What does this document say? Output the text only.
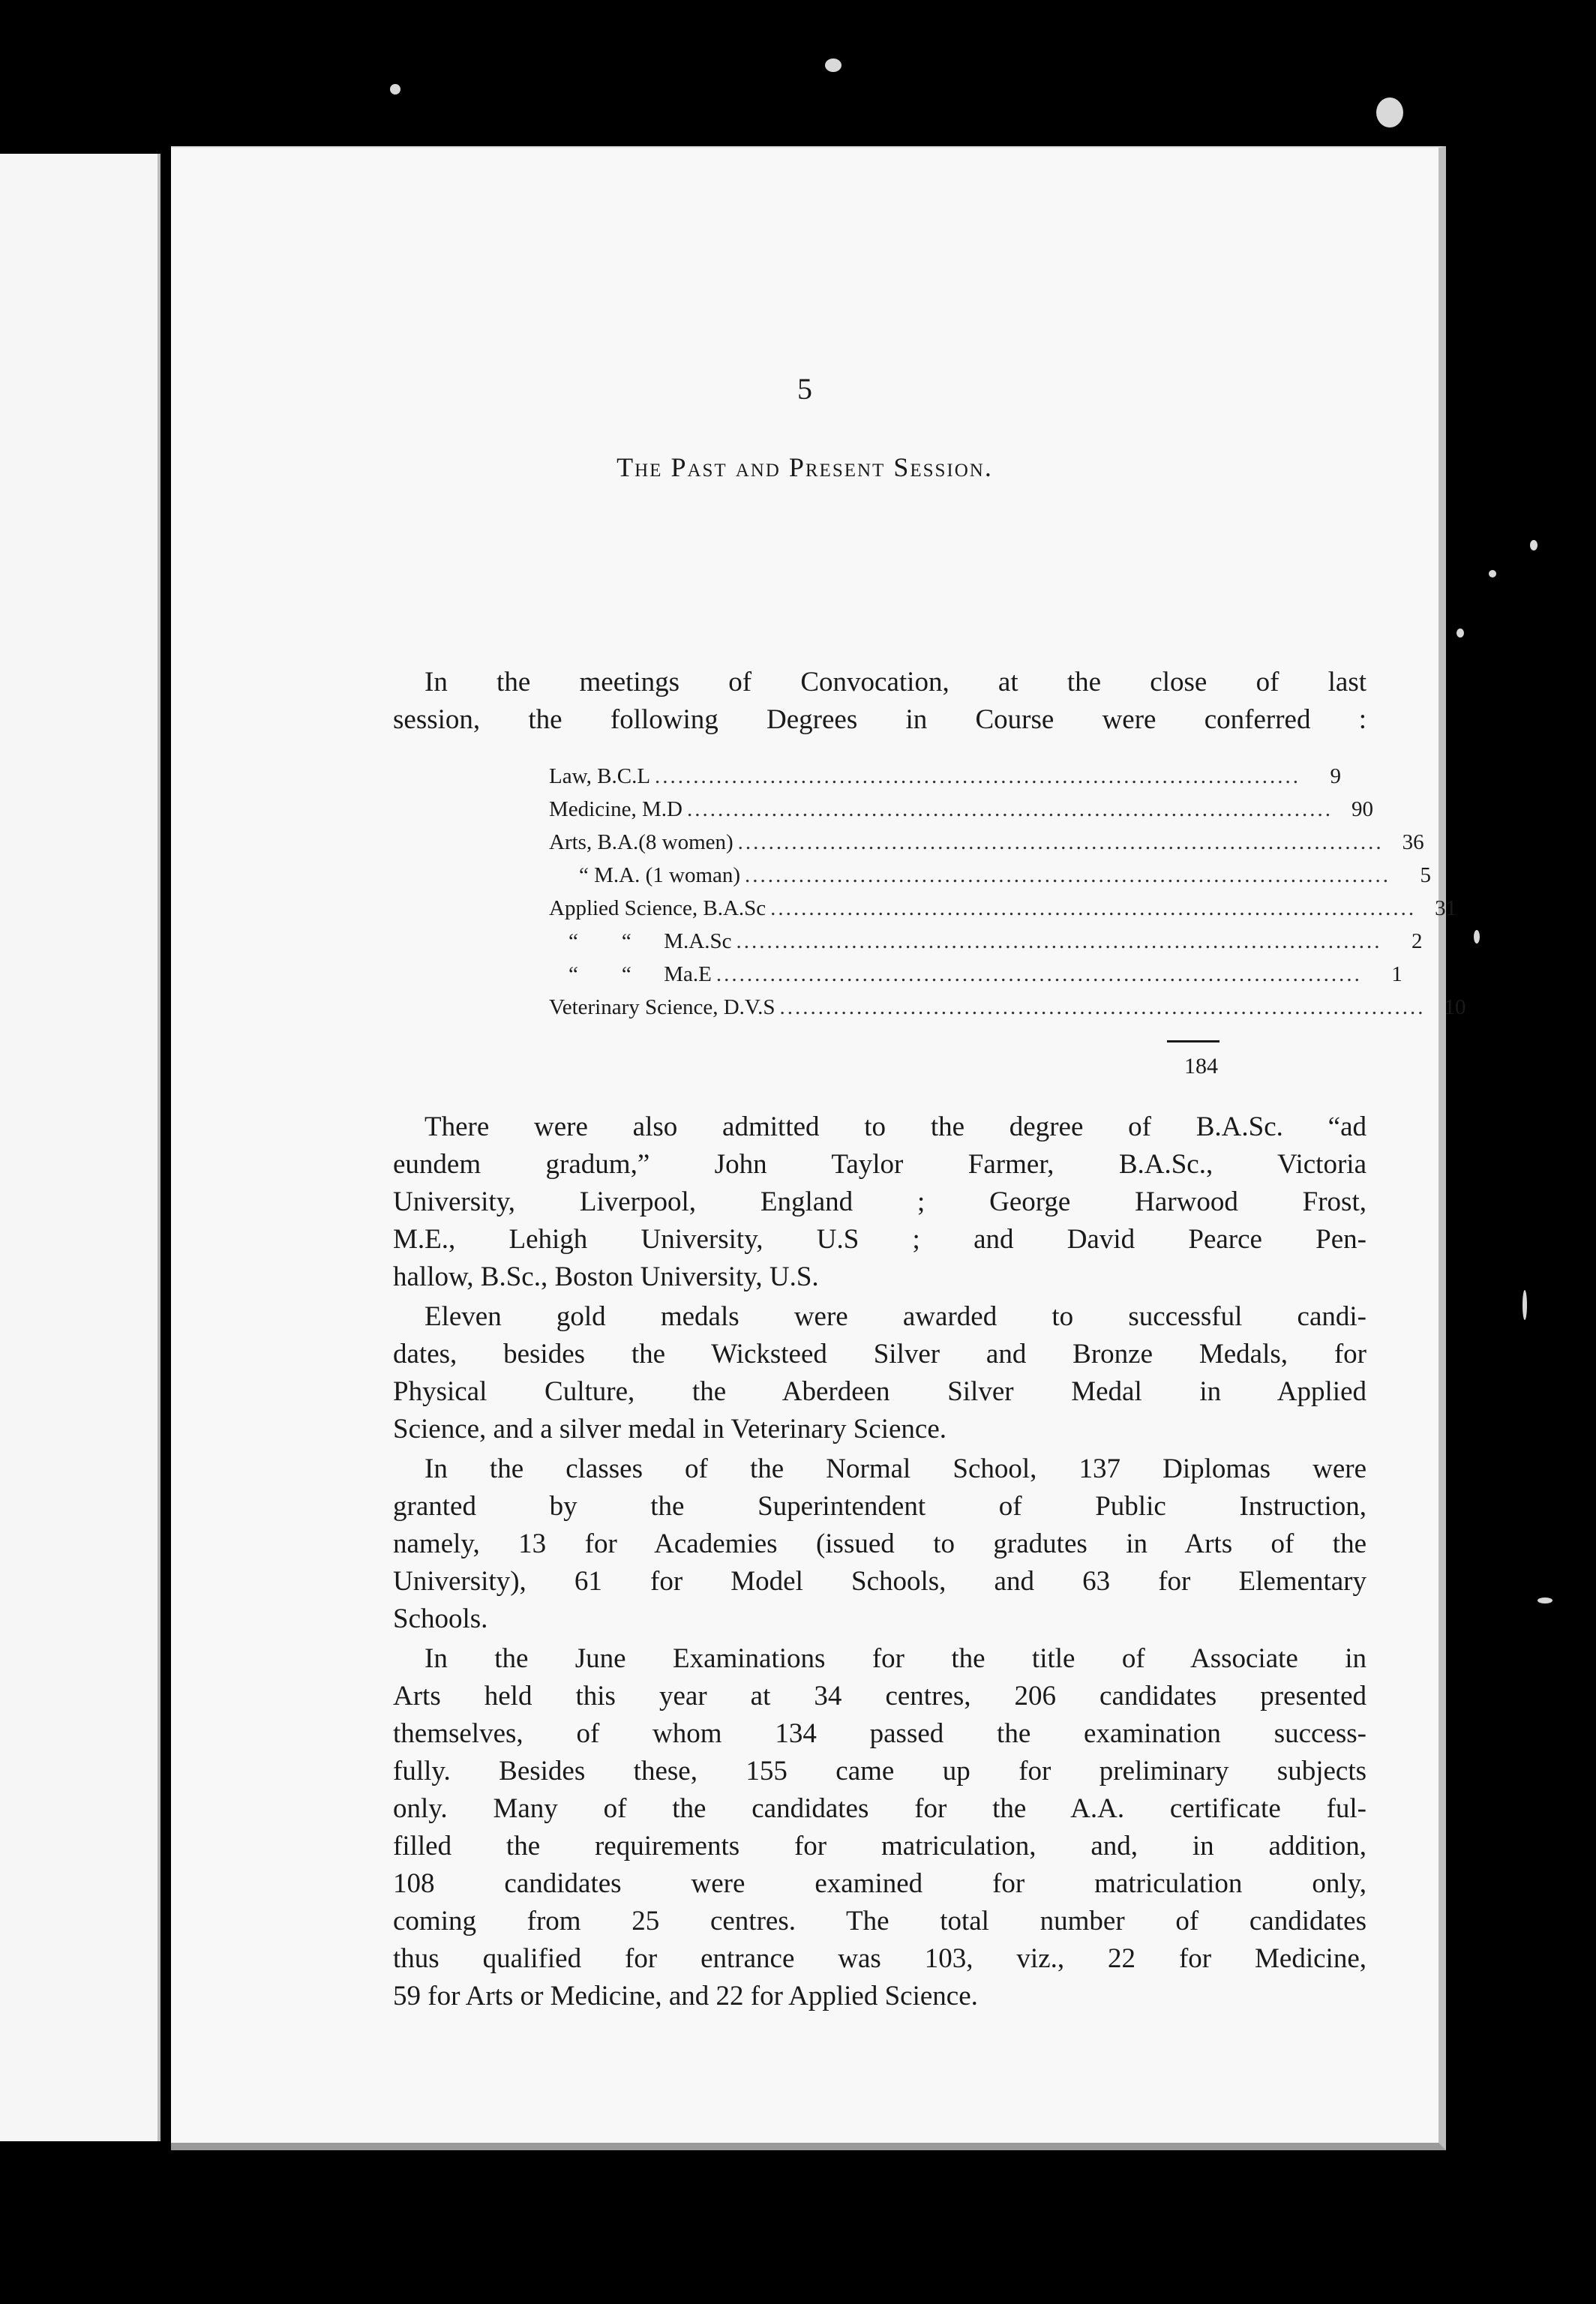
5
The Past and Present Session.
In the meetings of Convocation, at the close of last
session, the following Degrees in Course were conferred :
Law, B.C.L ....................................................................................	9
Medicine, M.D .................................................................................... 90
Arts, B.A.(8 women) .................................................................................... 36
“ M.A. (1 woman) ....................................................................................	5
Applied Science, B.A.Sc .................................................................................... 31
“        “      M.A.Sc ....................................................................................	2
“        “      Ma.E ....................................................................................	1
Veterinary Science, D.V.S .................................................................................... 10
184
There were also admitted to the degree of B.A.Sc. “ad
eundem gradum,” John Taylor Farmer, B.A.Sc., Victoria
University, Liverpool, England ; George Harwood Frost,
M.E., Lehigh University, U.S ; and David Pearce Pen-
hallow, B.Sc., Boston University, U.S.
Eleven gold medals were awarded to successful candi-
dates, besides the Wicksteed Silver and Bronze Medals, for
Physical Culture, the Aberdeen Silver Medal in Applied
Science, and a silver medal in Veterinary Science.
In the classes of the Normal School, 137 Diplomas were
granted by the Superintendent of Public Instruction,
namely, 13 for Academies (issued to gradutes in Arts of the
University), 61 for Model Schools, and 63 for Elementary
Schools.
In the June Examinations for the title of Associate in
Arts held this year at 34 centres, 206 candidates presented
themselves, of whom 134 passed the examination success-
fully. Besides these, 155 came up for preliminary subjects
only. Many of the candidates for the A.A. certificate ful-
filled the requirements for matriculation, and, in addition,
108 candidates were examined for matriculation only,
coming from 25 centres. The total number of candidates
thus qualified for entrance was 103, viz., 22 for Medicine,
59 for Arts or Medicine, and 22 for Applied Science.
